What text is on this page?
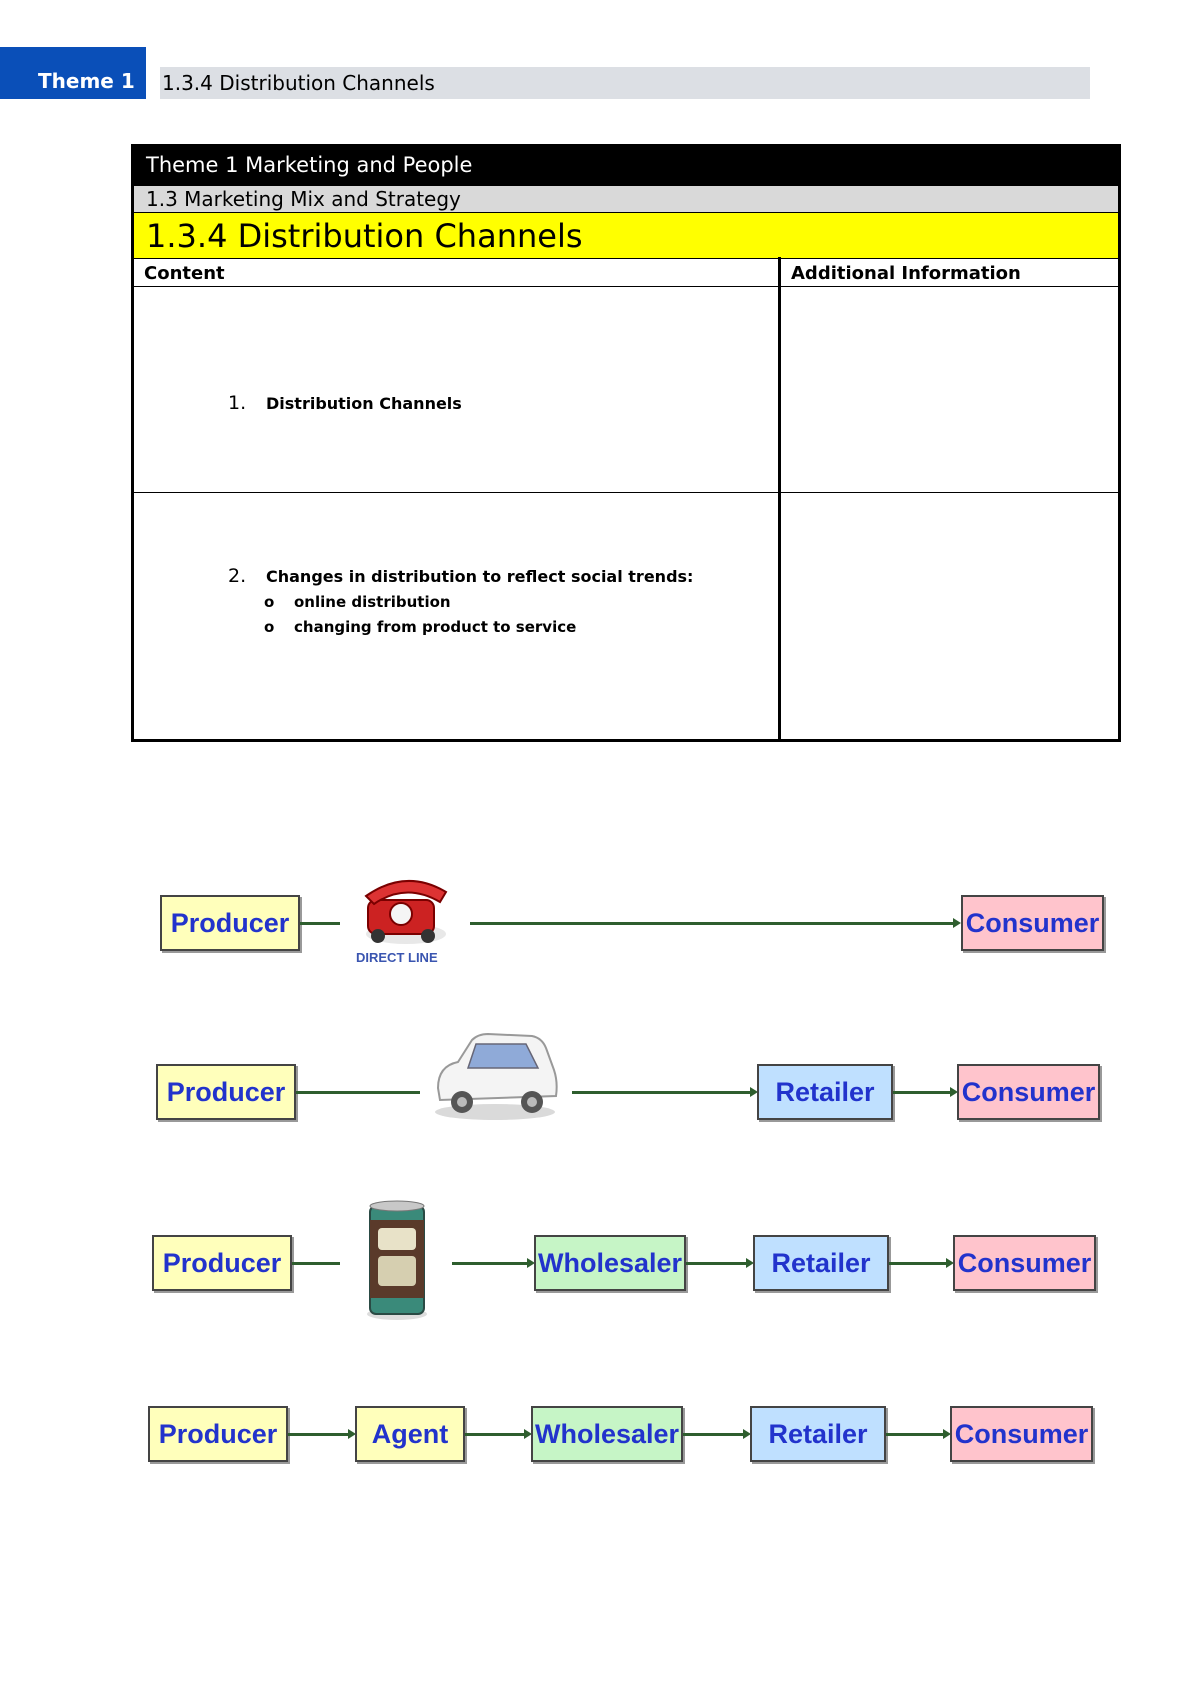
Theme 1	1.3.4 Distribution Channels
Theme 1 Marketing and People
1.3 Marketing Mix and Strategy
1.3.4 Distribution Channels
Content	Additional Information
1. Distribution Channels
2. Changes in distribution to reflect social trends:
o online distribution
o changing from product to service
Producer
DIRECT LINE
Consumer
Producer	Retailer	Consumer
Producer	Wholesaler	Retailer	Consumer
Producer	Agent	Wholesaler	Retailer	Consumer
